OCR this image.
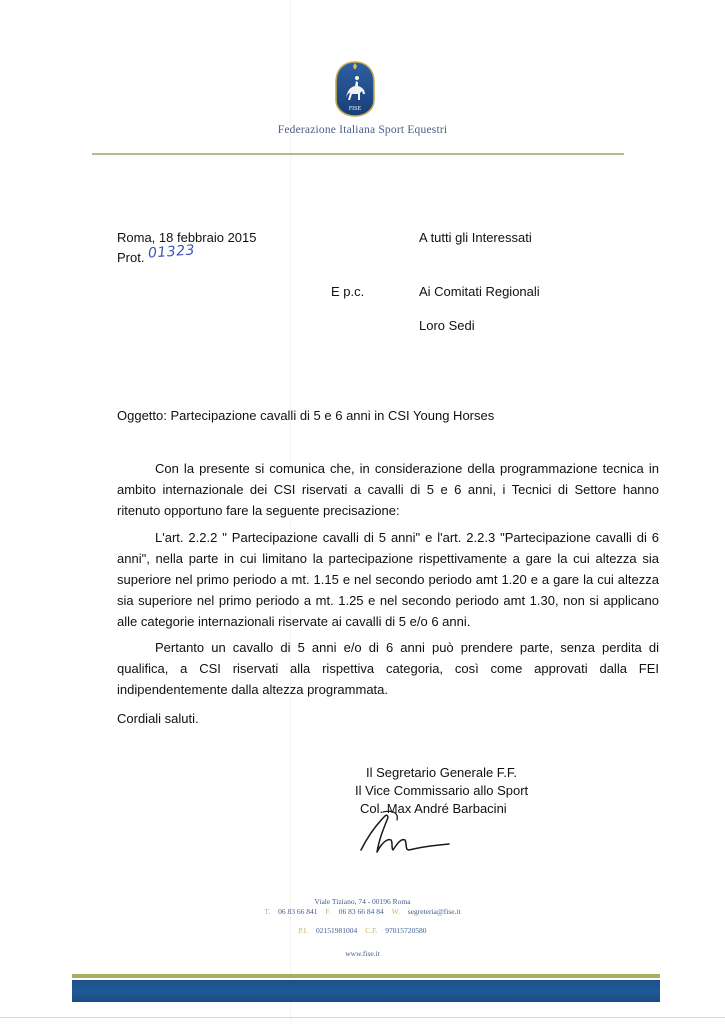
FISE
Federazione Italiana Sport Equestri
Roma, 18 febbraio 2015
Prot. 01323
A tutti gli Interessati
E p.c.	Ai Comitati Regionali
Loro Sedi
Oggetto: Partecipazione cavalli di 5 e 6 anni in CSI Young Horses

Con la presente si comunica che, in considerazione della programmazione tecnica in ambito internazionale dei CSI riservati a cavalli di 5 e 6 anni, i Tecnici di Settore hanno ritenuto opportuno fare la seguente precisazione:

L'art. 2.2.2 " Partecipazione cavalli di 5 anni" e l'art. 2.2.3 "Partecipazione cavalli di 6 anni", nella parte in cui limitano la partecipazione rispettivamente a gare la cui altezza sia superiore nel primo periodo a mt. 1.15 e nel secondo periodo amt 1.20 e a gare la cui altezza sia superiore nel primo periodo a mt. 1.25 e nel secondo periodo amt 1.30, non si applicano alle categorie internazionali riservate ai cavalli di 5 e/o 6 anni.

Pertanto un cavallo di 5 anni e/o di 6 anni può prendere parte, senza perdita di qualifica, a CSI riservati alla rispettiva categoria, così come approvati dalla FEI indipendentemente dalla altezza programmata.

Cordiali saluti.
Il Segretario Generale F.F.
Il Vice Commissario allo Sport
Col. Max André Barbacini
Viale Tiziano, 74 - 00196 Roma
T. 06 83 66 841 F. 06 83 66 84 84 W. segreteria@fise.it
P.I. 02151981004 C.F. 97015720580
www.fise.it
